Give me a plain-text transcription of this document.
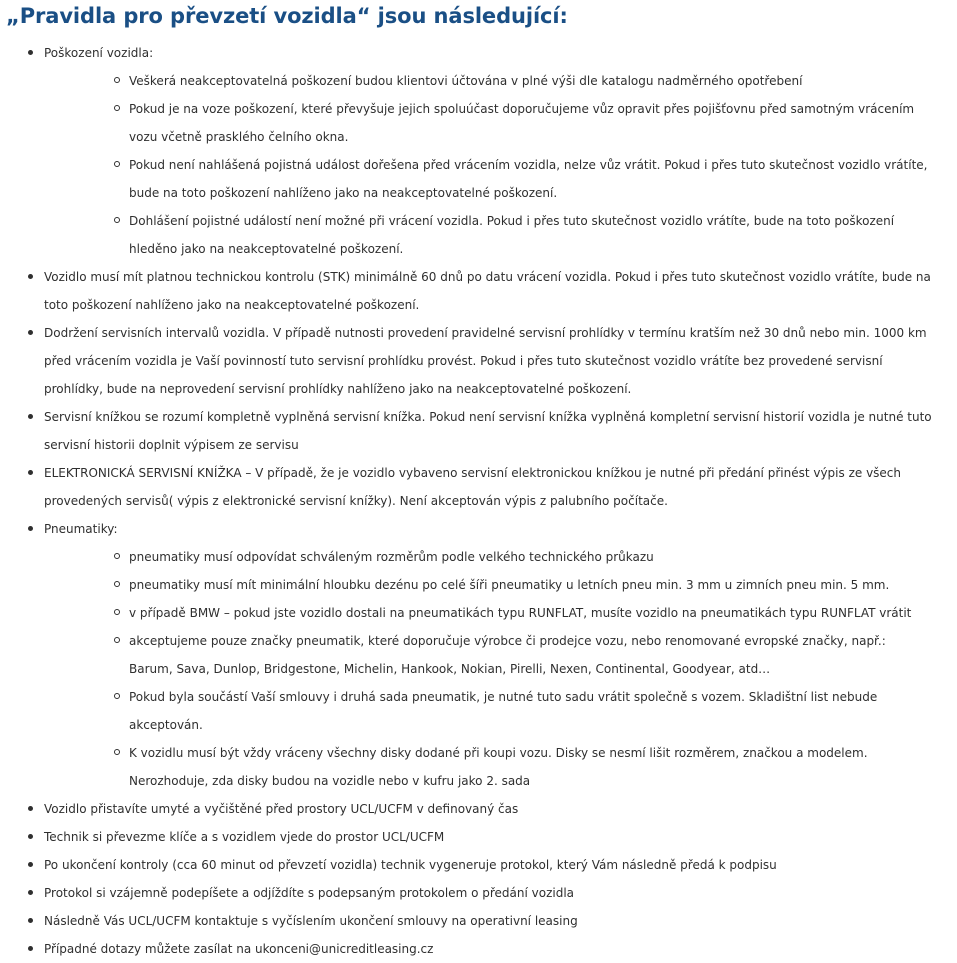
„Pravidla pro převzetí vozidla“ jsou následující:
Poškození vozidla:
Veškerá neakceptovatelná poškození budou klientovi účtována v plné výši dle katalogu nadměrného opotřebení
Pokud je na voze poškození, které převyšuje jejich spoluúčast doporučujeme vůz opravit přes pojišťovnu před samotným vrácením vozu včetně prasklého čelního okna.
Pokud není nahlášená pojistná událost dořešena před vrácením vozidla, nelze vůz vrátit. Pokud i přes tuto skutečnost vozidlo vrátíte, bude na toto poškození nahlíženo jako na neakceptovatelné poškození.
Dohlášení pojistné událostí není možné při vrácení vozidla. Pokud i přes tuto skutečnost vozidlo vrátíte, bude na toto poškození hleděno jako na neakceptovatelné poškození.
Vozidlo musí mít platnou technickou kontrolu (STK) minimálně 60 dnů po datu vrácení vozidla. Pokud i přes tuto skutečnost vozidlo vrátíte, bude na toto poškození nahlíženo jako na neakceptovatelné poškození.
Dodržení servisních intervalů vozidla. V případě nutnosti provedení pravidelné servisní prohlídky v termínu kratším než 30 dnů nebo min. 1000 km před vrácením vozidla je Vaší povinností tuto servisní prohlídku provést. Pokud i přes tuto skutečnost vozidlo vrátíte bez provedené servisní prohlídky, bude na neprovedení servisní prohlídky nahlíženo jako na neakceptovatelné poškození.
Servisní knížkou se rozumí kompletně vyplněná servisní knížka. Pokud není servisní knížka vyplněná kompletní servisní historií vozidla je nutné tuto servisní historii doplnit výpisem ze servisu
ELEKTRONICKÁ SERVISNÍ KNÍŽKA – V případě, že je vozidlo vybaveno servisní elektronickou knížkou je nutné při předání přinést výpis ze všech provedených servisů( výpis z elektronické servisní knížky). Není akceptován výpis z palubního počítače.
Pneumatiky:
pneumatiky musí odpovídat schváleným rozměrům podle velkého technického průkazu
pneumatiky musí mít minimální hloubku dezénu po celé šíři pneumatiky u letních pneu min. 3 mm u zimních pneu min. 5 mm.
v případě BMW – pokud jste vozidlo dostali na pneumatikách typu RUNFLAT, musíte vozidlo na pneumatikách typu RUNFLAT vrátit
akceptujeme pouze značky pneumatik, které doporučuje výrobce či prodejce vozu, nebo renomované evropské značky, např.: Barum, Sava, Dunlop, Bridgestone, Michelin, Hankook, Nokian, Pirelli, Nexen, Continental, Goodyear, atd…
Pokud byla součástí Vaší smlouvy i druhá sada pneumatik, je nutné tuto sadu vrátit společně s vozem. Skladištní list nebude akceptován.
K vozidlu musí být vždy vráceny všechny disky dodané při koupi vozu. Disky se nesmí lišit rozměrem, značkou a modelem. Nerozhoduje, zda disky budou na vozidle nebo v kufru jako 2. sada
Vozidlo přistavíte umyté a vyčištěné před prostory UCL/UCFM v definovaný čas
Technik si převezme klíče a s vozidlem vjede do prostor UCL/UCFM
Po ukončení kontroly (cca 60 minut od převzetí vozidla) technik vygeneruje protokol, který Vám následně předá k podpisu
Protokol si vzájemně podepíšete a odjíždíte s podepsaným protokolem o předání vozidla
Následně Vás UCL/UCFM kontaktuje s vyčíslením ukončení smlouvy na operativní leasing
Případné dotazy můžete zasílat na ukonceni@unicreditleasing.cz
